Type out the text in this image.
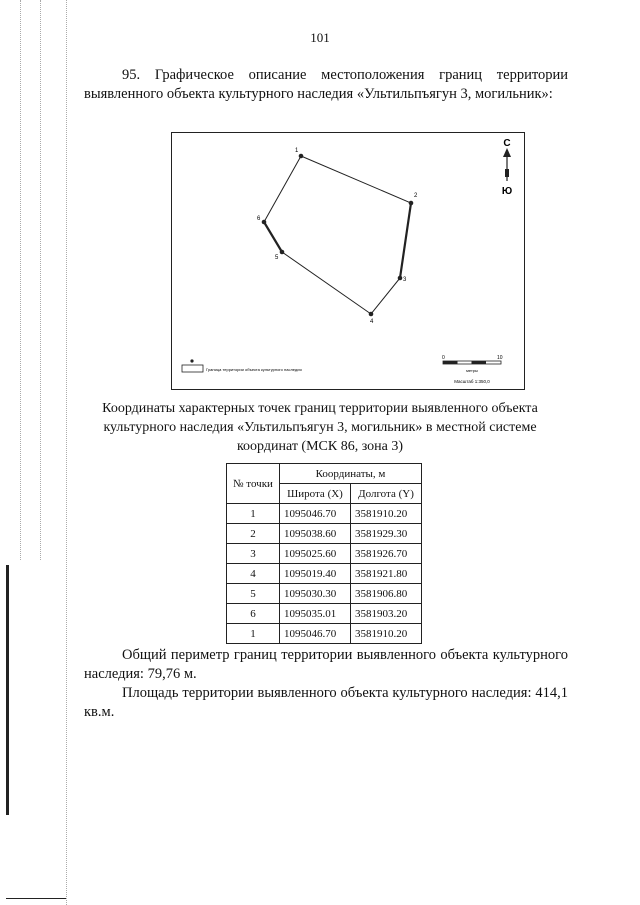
101
95. Графическое описание местоположения границ территории выявленного объекта культурного наследия «Ультильпъягун 3, могильник»:
1
2
3
4
5
6
С
Ю
Граница территории объекта культурного наследия
0	10
метры
Масштаб 1:350,0
Координаты характерных точек границ территории выявленного объекта культурного наследия «Ультильпъягун 3, могильник» в местной системе координат (МСК 86, зона 3)
№ точки	Координаты, м	
	Широта (X)	Долгота (Y)
1	1095046.70	3581910.20
2	1095038.60	3581929.30
3	1095025.60	3581926.70
4	1095019.40	3581921.80
5	1095030.30	3581906.80
6	1095035.01	3581903.20
1	1095046.70	3581910.20
Общий периметр границ территории выявленного объекта культурного наследия: 79,76 м.
Площадь территории выявленного объекта культурного наследия: 414,1 кв.м.
